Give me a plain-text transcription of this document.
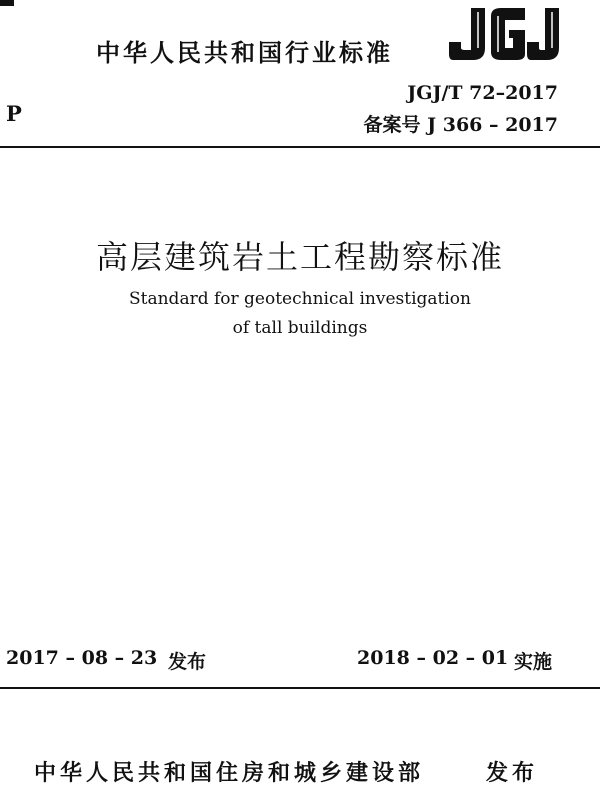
中华人民共和国行业标准
JGJ/T 72–2017
备案号 J 366 – 2017
P
高层建筑岩土工程勘察标准
Standard for geotechnical investigation
of tall buildings
2017 – 08 – 23 发布	2018 – 02 – 01 实施
中华人民共和国住房和城乡建设部	发布
